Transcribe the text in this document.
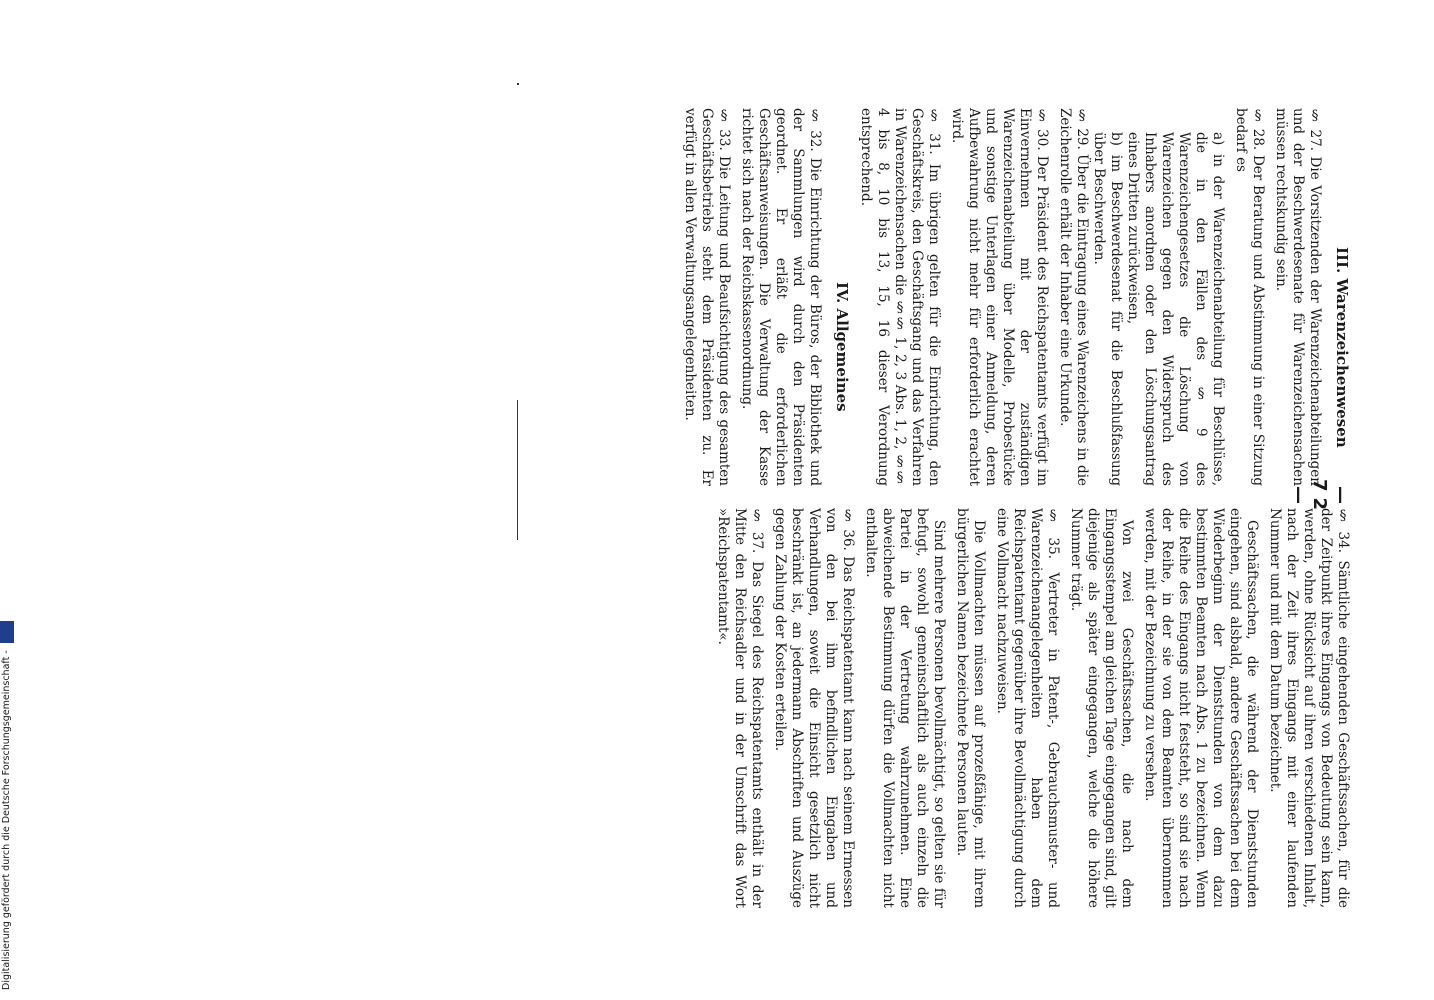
— 72 —
III. Warenzeichenwesen
§ 27. Die Vorsitzenden der Warenzeichenabteilungen und der Beschwerdesenate für Warenzeichensachen müssen rechtskundig sein.
§ 28. Der Beratung und Abstimmung in einer Sitzung bedarf es
a) in der Warenzeichenabteilung für Beschlüsse, die in den Fällen des § 9 des Warenzeichengesetzes die Löschung von Warenzeichen gegen den Widerspruch des Inhabers anordnen oder den Löschungsantrag eines Dritten zurückweisen,
b) im Beschwerdesenat für die Beschlußfassung über Beschwerden.
§ 29. Über die Eintragung eines Warenzeichens in die Zeichenrolle erhält der Inhaber eine Urkunde.
§ 30. Der Präsident des Reichspatentamts verfügt im Einvernehmen mit der zuständigen Warenzeichenabteilung über Modelle, Probestücke und sonstige Unterlagen einer Anmeldung, deren Aufbewahrung nicht mehr für erforderlich erachtet wird.
§ 31. Im übrigen gelten für die Einrichtung, den Geschäftskreis, den Geschäftsgang und das Verfahren in Warenzeichensachen die §§ 1, 2, 3 Abs. 1, 2, §§ 4 bis 8, 10 bis 13, 15, 16 dieser Verordnung entsprechend.
IV. Allgemeines
§ 32. Die Einrichtung der Büros, der Bibliothek und der Sammlungen wird durch den Präsidenten geordnet. Er erläßt die erforderlichen Geschäftsanweisungen. Die Verwaltung der Kasse richtet sich nach der Reichskassenordnung.
§ 33. Die Leitung und Beaufsichtigung des gesamten Geschäftsbetriebs steht dem Präsidenten zu. Er verfügt in allen Verwaltungsangelegenheiten.
§ 34. Sämtliche eingehenden Geschäftssachen, für die der Zeitpunkt ihres Eingangs von Bedeutung sein kann, werden, ohne Rücksicht auf ihren verschiedenen Inhalt, nach der Zeit ihres Eingangs mit einer laufenden Nummer und mit dem Datum bezeichnet.
Geschäftssachen, die während der Dienststunden eingehen, sind alsbald, andere Geschäftssachen bei dem Wiederbeginn der Dienststunden von dem dazu bestimmten Beamten nach Abs. 1 zu bezeichnen. Wenn die Reihe des Eingangs nicht feststeht, so sind sie nach der Reihe, in der sie von dem Beamten übernommen werden, mit der Bezeichnung zu versehen.
Von zwei Geschäftssachen, die nach dem Eingangsstempel am gleichen Tage eingegangen sind, gilt diejenige als später eingegangen, welche die höhere Nummer trägt.
§ 35. Vertreter in Patent-, Gebrauchsmuster- und Warenzeichenangelegenheiten haben dem Reichspatentamt gegenüber ihre Bevollmächtigung durch eine Vollmacht nachzuweisen.
Die Vollmachten müssen auf prozeßfähige, mit ihrem bürgerlichen Namen bezeichnete Personen lauten.
Sind mehrere Personen bevollmächtigt, so gelten sie für befugt, sowohl gemeinschaftlich als auch einzeln die Partei in der Vertretung wahrzunehmen. Eine abweichende Bestimmung dürfen die Vollmachten nicht enthalten.
§ 36. Das Reichspatentamt kann nach seinem Ermessen von den bei ihm befindlichen Eingaben und Verhandlungen, soweit die Einsicht gesetzlich nicht beschränkt ist, an jedermann Abschriften und Auszüge gegen Zahlung der Kosten erteilen.
§ 37. Das Siegel des Reichspatentamts enthält in der Mitte den Reichsadler und in der Umschrift das Wort »Reichspatentamt«.
Digitalisierung gefördert durch die Deutsche Forschungsgemeinschaft -
